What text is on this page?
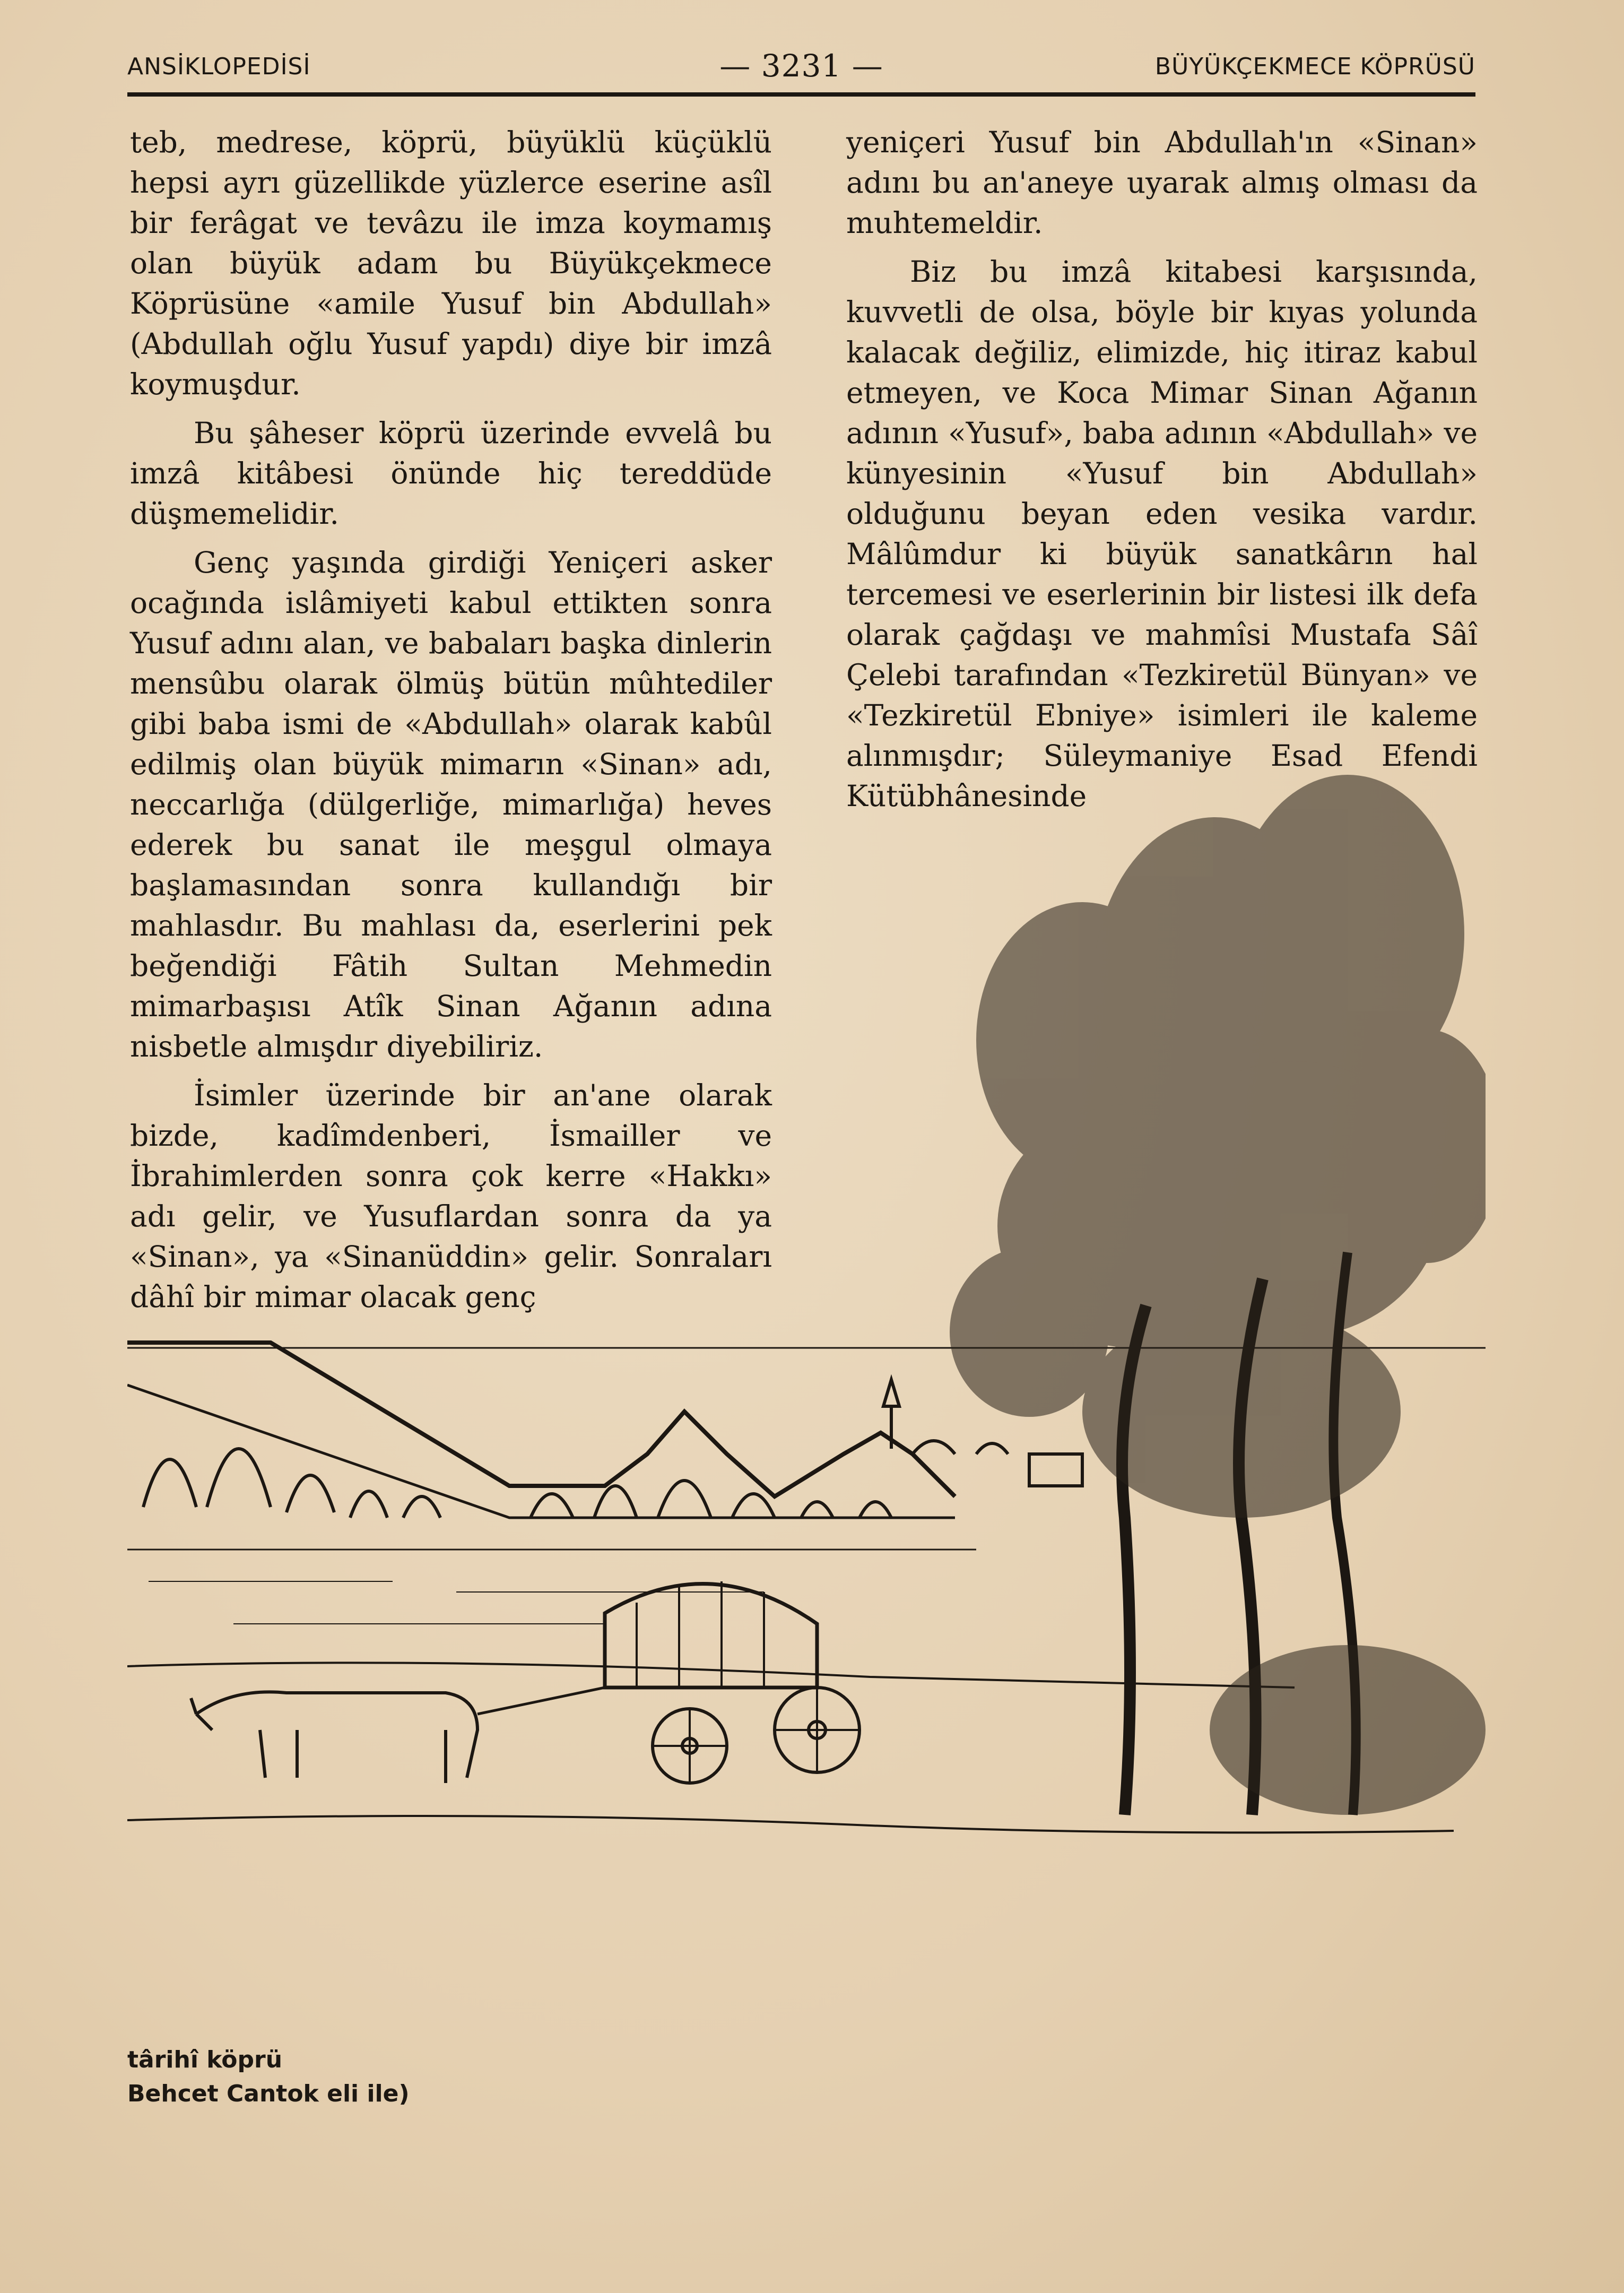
ANSİKLOPEDİSİ	— 3231 —	BÜYÜKÇEKMECE KÖPRÜSÜ

teb, medrese, köprü, büyüklü küçüklü hepsi ayrı güzellikde yüzlerce eserine asîl bir ferâgat ve tevâzu ile imza koymamış olan büyük adam bu Büyükçekmece Köprüsüne «amile Yusuf bin Abdullah» (Abdullah oğlu Yusuf yapdı) diye bir imzâ koymuşdur.

Bu şâheser köprü üzerinde evvelâ bu imzâ kitâbesi önünde hiç tereddüde düşmemelidir.

Genç yaşında girdiği Yeniçeri asker ocağında islâmiyeti kabul ettikten sonra Yusuf adını alan, ve babaları başka dinlerin mensûbu olarak ölmüş bütün mûhtediler gibi baba ismi de «Abdullah» olarak kabûl edilmiş olan büyük mimarın «Sinan» adı, neccarlığa (dülgerliğe, mimarlığa) heves ederek bu sanat ile meşgul olmaya başlamasından sonra kullandığı bir mahlasdır. Bu mahlası da, eserlerini pek beğendiği Fâtih Sultan Mehmedin mimarbaşısı Atîk Sinan Ağanın adına nisbetle almışdır diyebiliriz.

İsimler üzerinde bir an'ane olarak bizde, kadîmdenberi, İsmailler ve İbrahimlerden sonra çok kerre «Hakkı» adı gelir, ve Yusuflardan sonra da ya «Sinan», ya «Sinanüddin» gelir. Sonraları dâhî bir mimar olacak genç

yeniçeri Yusuf bin Abdullah'ın «Sinan» adını bu an'aneye uyarak almış olması da muhtemeldir.

Biz bu imzâ kitabesi karşısında, kuvvetli de olsa, böyle bir kıyas yolunda kalacak değiliz, elimizde, hiç itiraz kabul etmeyen, ve Koca Mimar Sinan Ağanın adının «Yusuf», baba adının «Abdullah» ve künyesinin «Yusuf bin Abdullah» olduğunu beyan eden vesika vardır. Mâlûmdur ki büyük sanatkârın hal tercemesi ve eserlerinin bir listesi ilk defa olarak çağdaşı ve mahmîsi Mustafa Sâî Çelebi tarafından «Tezkiretül Bünyan» ve «Tezkiretül Ebniye» isimleri ile kaleme alınmışdır; Süleymaniye Esad Efendi Kütübhânesinde

târihî köprü
Behcet Cantok eli ile)
